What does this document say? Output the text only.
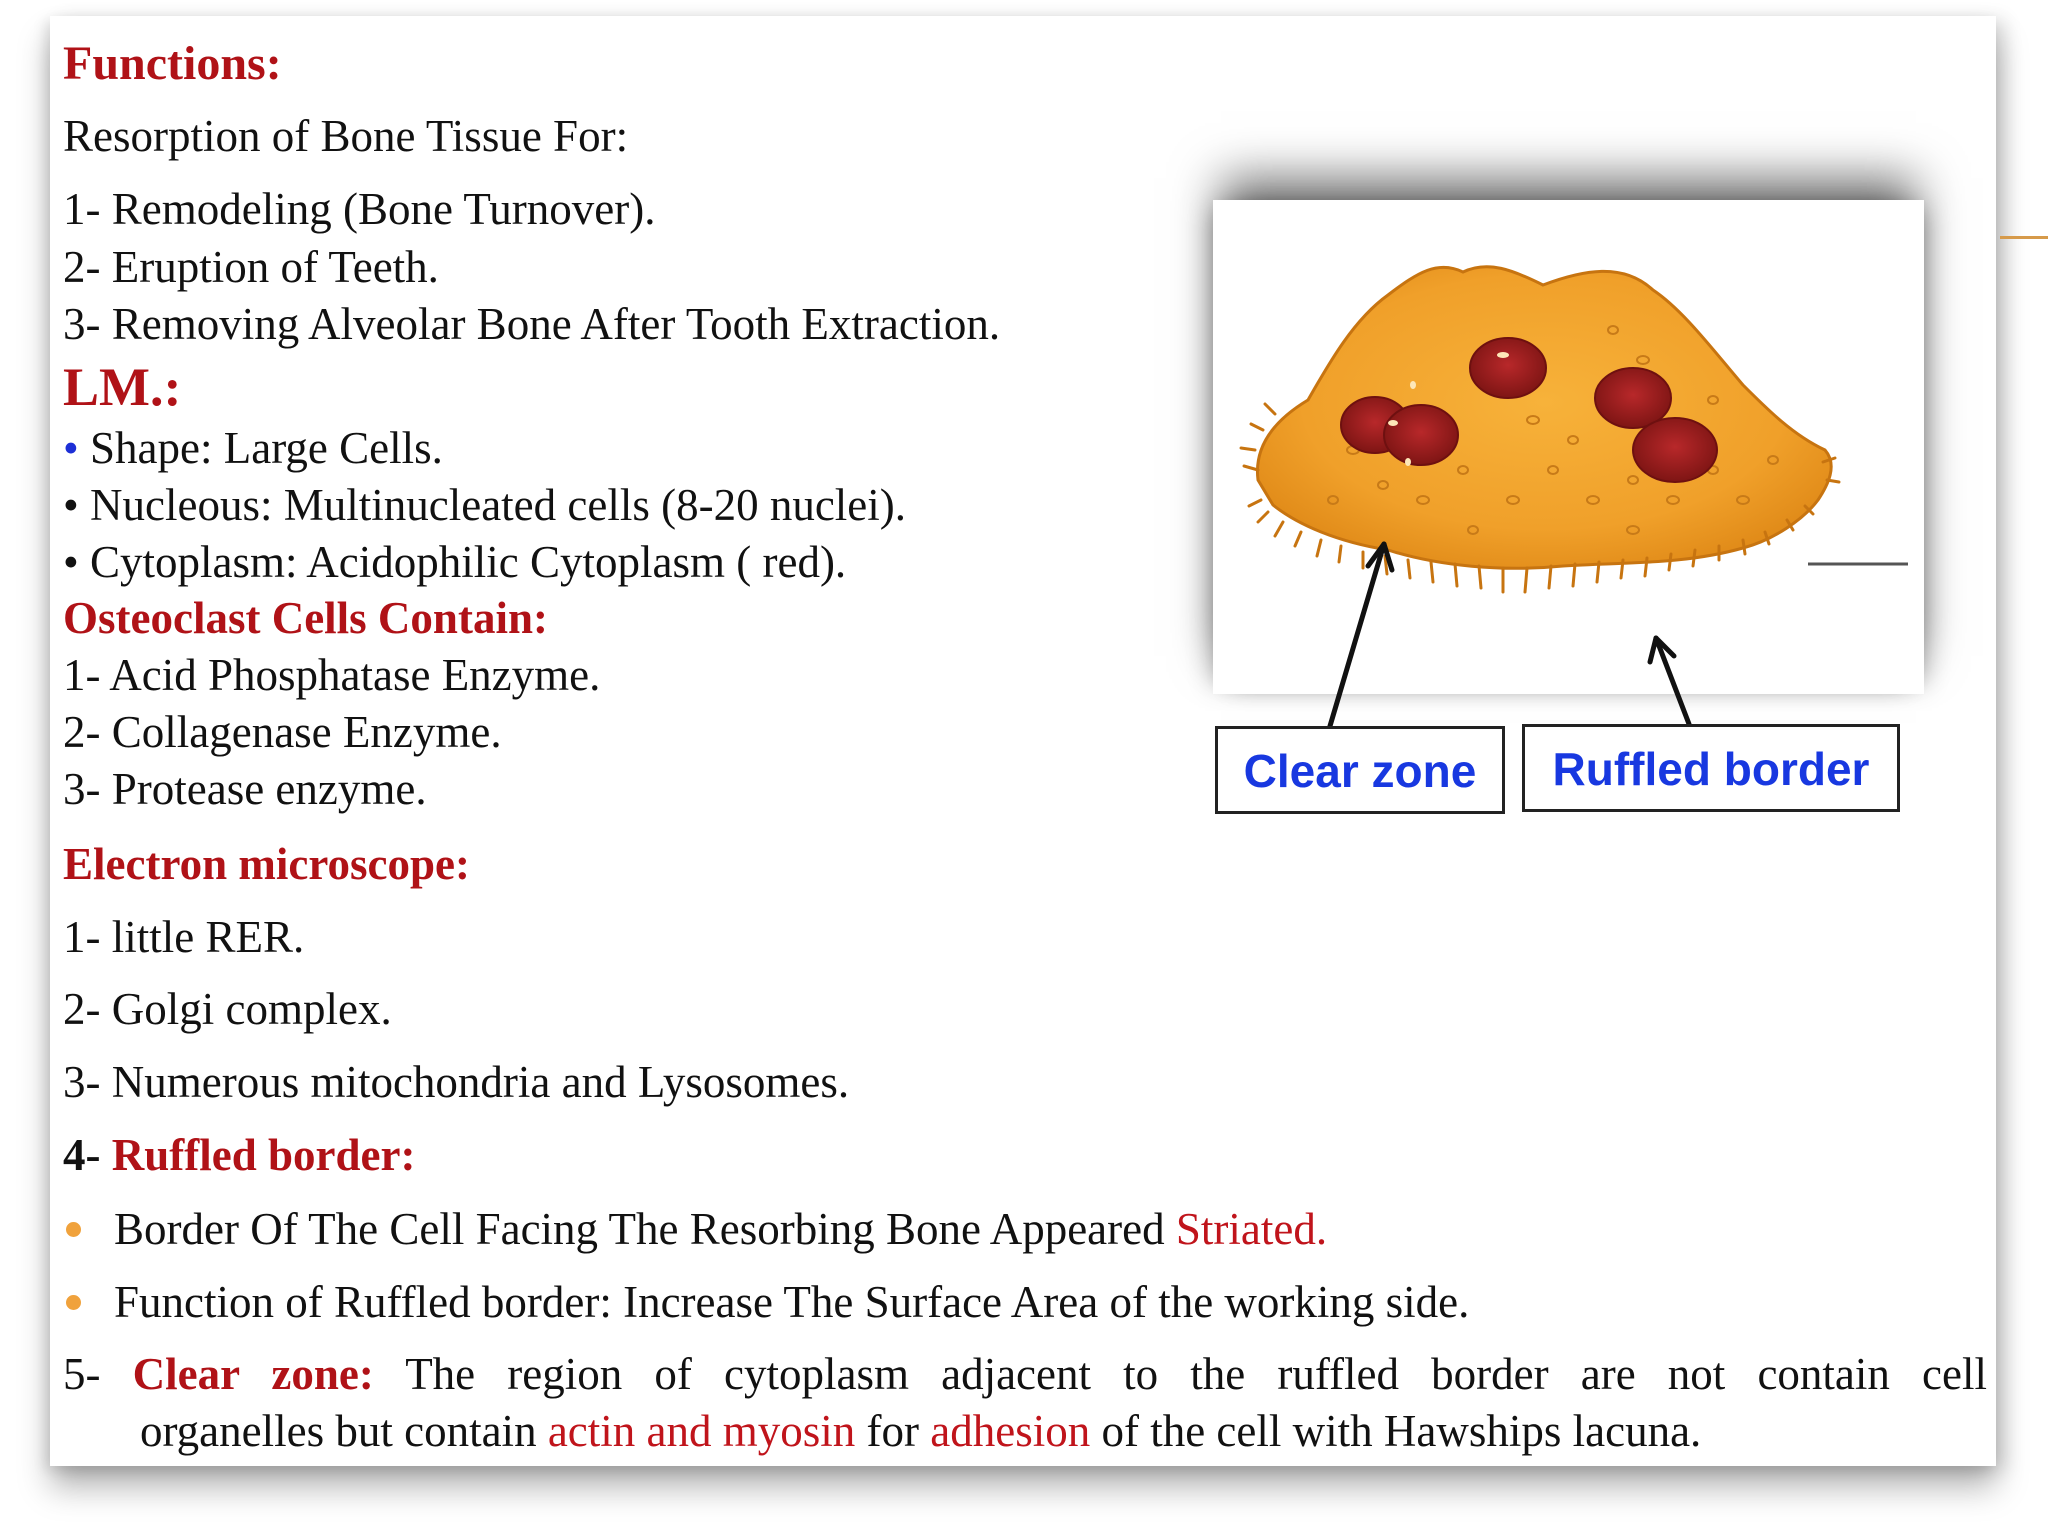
Functions:
Resorption of Bone Tissue For:
1- Remodeling (Bone Turnover).
2- Eruption of Teeth.
3- Removing Alveolar Bone After Tooth Extraction.
LM.:
• Shape: Large Cells.
• Nucleous: Multinucleated cells (8-20 nuclei).
• Cytoplasm: Acidophilic Cytoplasm ( red).
Osteoclast Cells Contain:
1- Acid Phosphatase Enzyme.
2- Collagenase Enzyme.
3- Protease enzyme.
Electron microscope:
1- little RER.
2- Golgi complex.
3- Numerous mitochondria and Lysosomes.
4- Ruffled border:
Border Of The Cell Facing The Resorbing Bone Appeared Striated.
Function of Ruffled border: Increase The Surface Area of the working side.
5- Clear zone: The region of cytoplasm adjacent to the ruffled border are not contain cell
organelles but contain actin and myosin for adhesion of the cell with Hawships lacuna.
Clear zone	Ruffled border
